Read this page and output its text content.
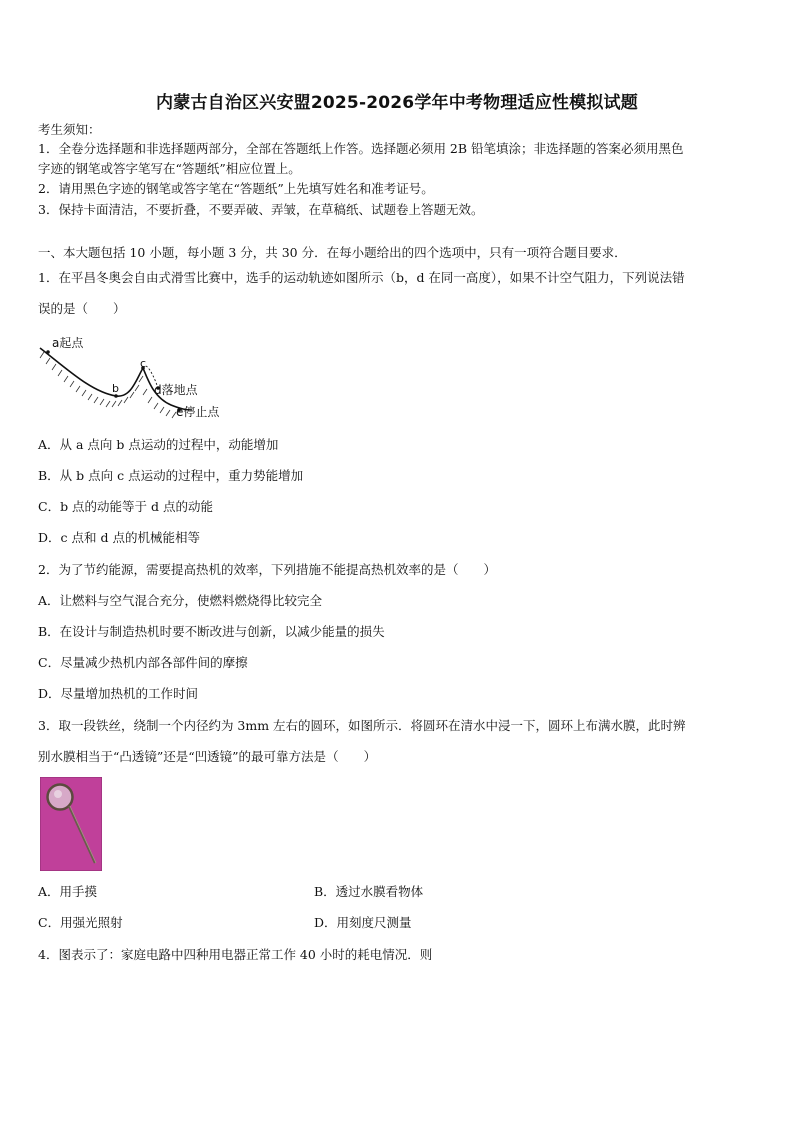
内蒙古自治区兴安盟2025-2026学年中考物理适应性模拟试题
考生须知：
1．全卷分选择题和非选择题两部分，全部在答题纸上作答。选择题必须用 2B 铅笔填涂；非选择题的答案必须用黑色
字迹的钢笔或答字笔写在“答题纸”相应位置上。
2．请用黑色字迹的钢笔或答字笔在“答题纸”上先填写姓名和准考证号。
3．保持卡面清洁，不要折叠，不要弄破、弄皱，在草稿纸、试题卷上答题无效。
一、本大题包括 10 小题，每小题 3 分，共 30 分．在每小题给出的四个选项中，只有一项符合题目要求．
1．在平昌冬奥会自由式滑雪比赛中，选手的运动轨迹如图所示（b，d 在同一高度），如果不计空气阻力，下列说法错
误的是（　　）
a起点
b
c
d落地点
e停止点
A．从 a 点向 b 点运动的过程中，动能增加
B．从 b 点向 c 点运动的过程中，重力势能增加
C．b 点的动能等于 d 点的动能
D．c 点和 d 点的机械能相等
2．为了节约能源，需要提高热机的效率，下列措施不能提高热机效率的是（　　）
A．让燃料与空气混合充分，使燃料燃烧得比较完全
B．在设计与制造热机时要不断改进与创新，以减少能量的损失
C．尽量减少热机内部各部件间的摩擦
D．尽量增加热机的工作时间
3．取一段铁丝，绕制一个内径约为 3mm 左右的圆环，如图所示．将圆环在清水中浸一下，圆环上布满水膜，此时辨
别水膜相当于“凸透镜”还是“凹透镜”的最可靠方法是（　　）
A．用手摸	B．透过水膜看物体
C．用强光照射	D．用刻度尺测量
4．图表示了：家庭电路中四种用电器正常工作 40 小时的耗电情况．则
